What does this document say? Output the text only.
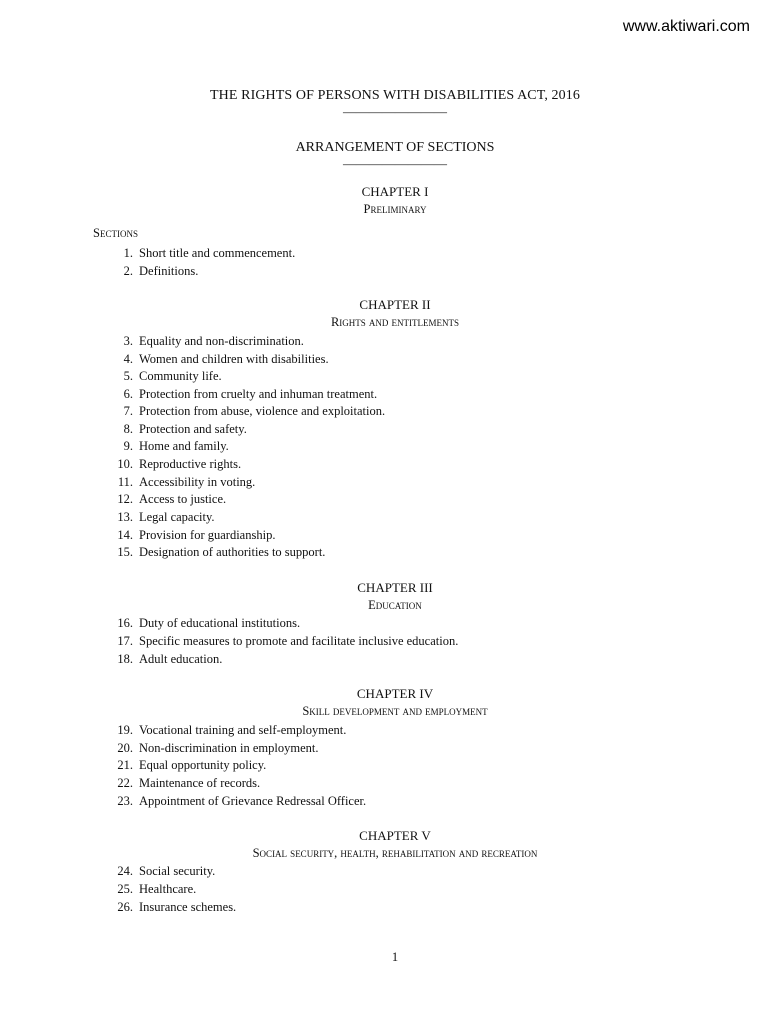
www.aktiwari.com
THE RIGHTS OF PERSONS WITH DISABILITIES ACT, 2016
————————
ARRANGEMENT OF SECTIONS
————————
CHAPTER I
Preliminary
Sections
1. Short title and commencement.
2. Definitions.
CHAPTER II
Rights and entitlements
3. Equality and non-discrimination.
4. Women and children with disabilities.
5. Community life.
6. Protection from cruelty and inhuman treatment.
7. Protection from abuse, violence and exploitation.
8. Protection and safety.
9. Home and family.
10. Reproductive rights.
11. Accessibility in voting.
12. Access to justice.
13. Legal capacity.
14. Provision for guardianship.
15. Designation of authorities to support.
CHAPTER III
Education
16. Duty of educational institutions.
17. Specific measures to promote and facilitate inclusive education.
18. Adult education.
CHAPTER IV
Skill development and employment
19. Vocational training and self-employment.
20. Non-discrimination in employment.
21. Equal opportunity policy.
22. Maintenance of records.
23. Appointment of Grievance Redressal Officer.
CHAPTER V
Social security, health, rehabilitation and recreation
24. Social security.
25. Healthcare.
26. Insurance schemes.
1
